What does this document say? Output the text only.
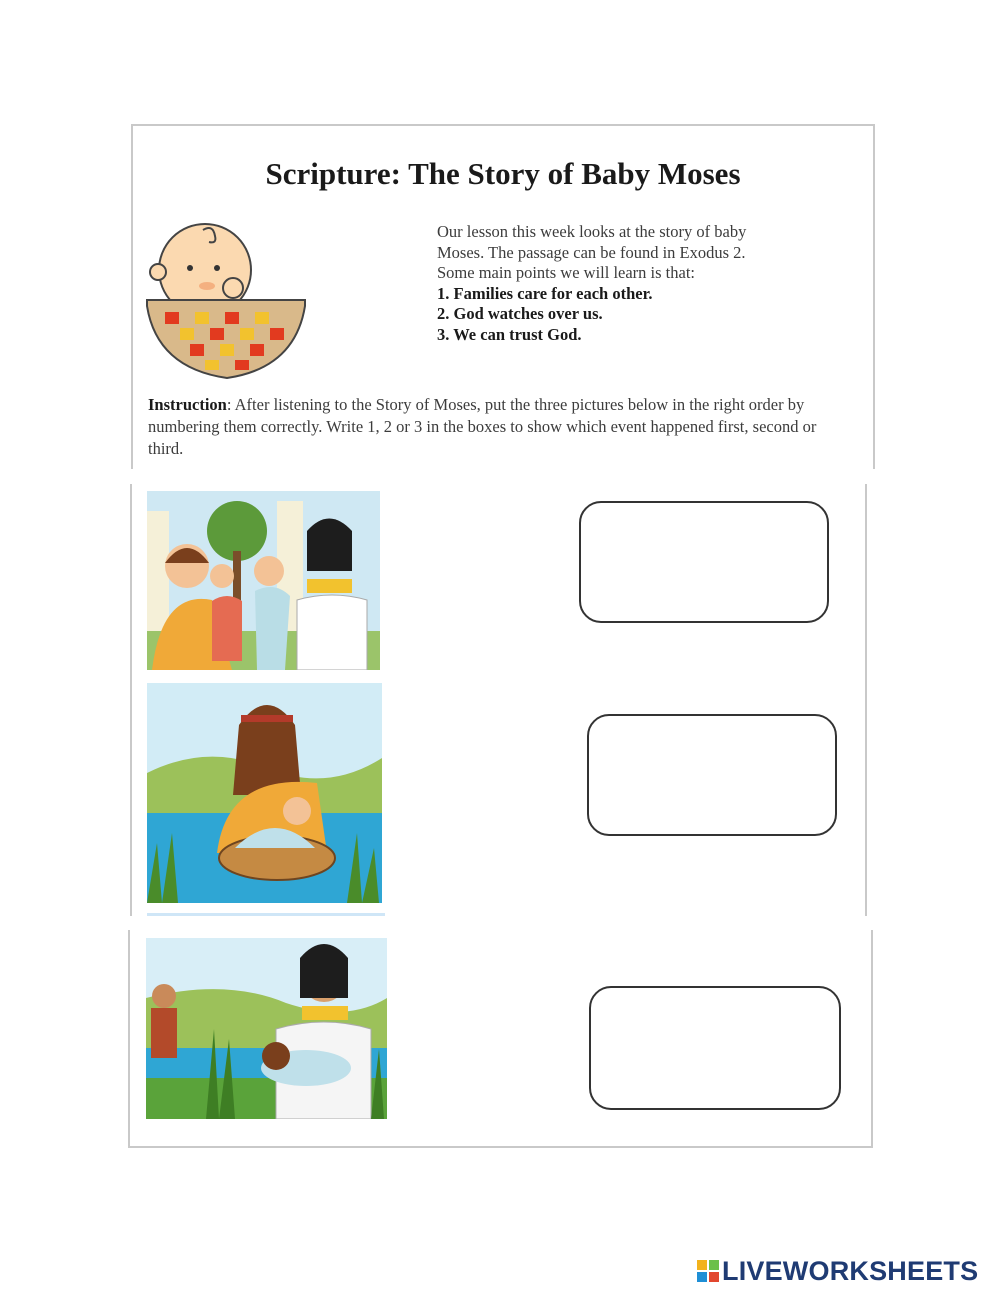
Scripture: The Story of Baby Moses

Our lesson this week looks at the story of baby

Moses. The passage can be found in Exodus 2.

Some main points we will learn is that:

1. Families care for each other.

2. God watches over us.

3. We can trust God.

Instruction: After listening to the Story of Moses, put the three pictures below in the right order by numbering them correctly. Write 1, 2 or 3 in the boxes to show which event happened first, second or third.

LIVEWORKSHEETS
